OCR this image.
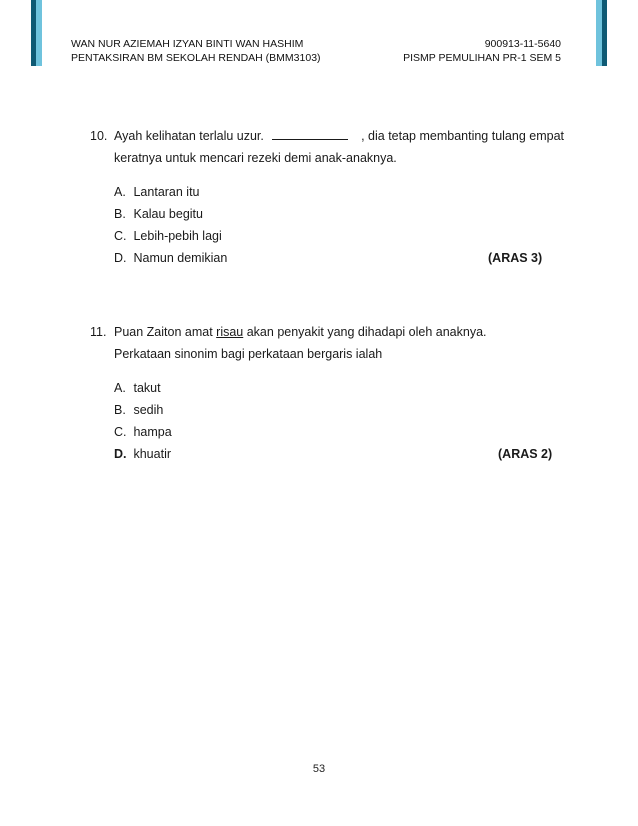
WAN NUR AZIEMAH IZYAN BINTI WAN HASHIM	900913-11-5640
PENTAKSIRAN BM SEKOLAH RENDAH (BMM3103)	PISMP PEMULIHAN PR-1 SEM 5
10. Ayah kelihatan terlalu uzur.	, dia tetap membanting tulang empat
keratnya untuk mencari rezeki demi anak-anaknya.
A. Lantaran itu
B. Kalau begitu
C. Lebih-pebih lagi
D. Namun demikian	(ARAS 3)
11. Puan Zaiton amat risau akan penyakit yang dihadapi oleh anaknya.
Perkataan sinonim bagi perkataan bergaris ialah
A. takut
B. sedih
C. hampa
D. khuatir	(ARAS 2)
53
